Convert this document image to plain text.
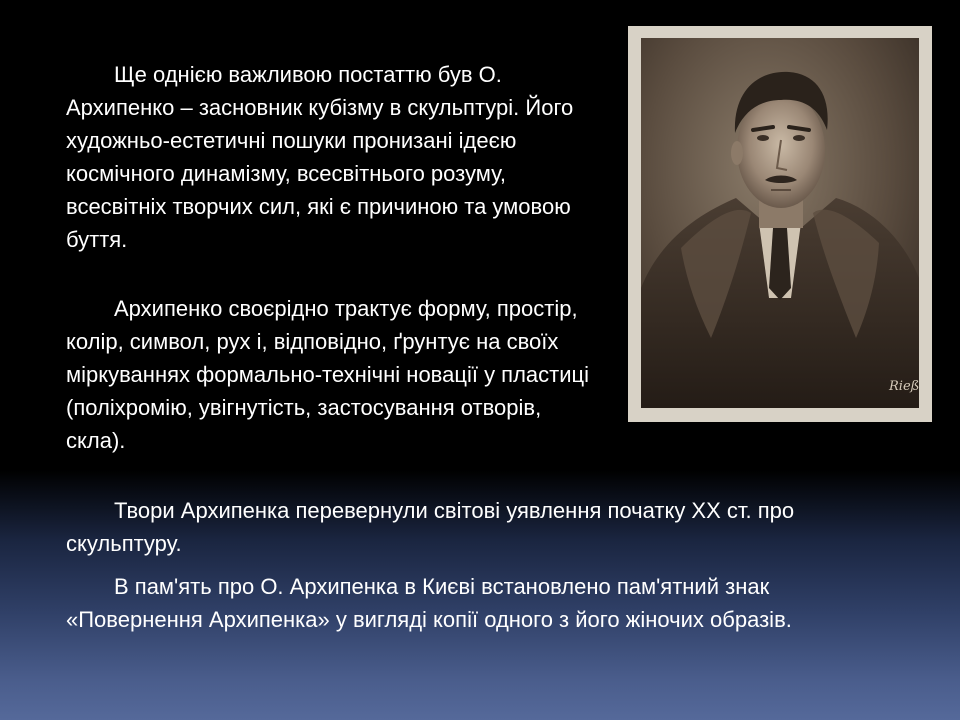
Ще однією важливою постаттю був О. Архипенко – засновник кубізму в скульптурі. Його художньо-естетичні пошуки пронизані ідеєю космічного динамізму, всесвітнього розуму, всесвітніх творчих сил, які є причиною та умовою буття.

Архипенко своєрідно трактує форму, простір, колір, символ, рух і, відповідно, ґрунтує на своїх міркуваннях формально-технічні новації у пластиці (поліхромію, увігнутість, застосування отворів, скла).

Твори Архипенка перевернули світові уявлення початку ХХ ст. про скульптуру.

В пам'ять про О. Архипенка в Києві встановлено пам'ятний знак «Повернення Архипенка» у вигляді копії одного з його жіночих образів.

Rieß
